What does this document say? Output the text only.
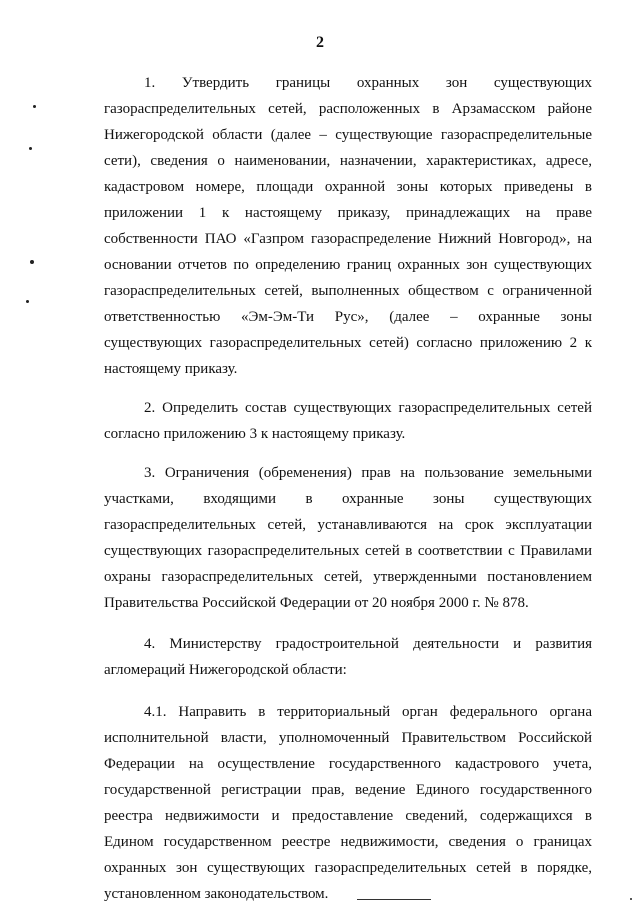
2

1. Утвердить границы охранных зон существующих газораспределительных сетей, расположенных в Арзамасском районе Нижегородской области (далее – существующие газораспределительные сети), сведения о наименовании, назначении, характеристиках, адресе, кадастровом номере, площади охранной зоны которых приведены в приложении 1 к настоящему приказу, принадлежащих на праве собственности ПАО «Газпром газораспределение Нижний Новгород», на основании отчетов по определению границ охранных зон существующих газораспределительных сетей, выполненных обществом с ограниченной ответственностью «Эм-Эм-Ти Рус», (далее – охранные зоны существующих газораспределительных сетей) согласно приложению 2 к настоящему приказу.

2. Определить состав существующих газораспределительных сетей согласно приложению 3 к настоящему приказу.

3. Ограничения (обременения) прав на пользование земельными участками, входящими в охранные зоны существующих газораспределительных сетей, устанавливаются на срок эксплуатации существующих газораспределительных сетей в соответствии с Правилами охраны газораспределительных сетей, утвержденными постановлением Правительства Российской Федерации от 20 ноября 2000 г. № 878.

4. Министерству градостроительной деятельности и развития агломераций Нижегородской области:

4.1. Направить в территориальный орган федерального органа исполнительной власти, уполномоченный Правительством Российской Федерации на осуществление государственного кадастрового учета, государственной регистрации прав, ведение Единого государственного реестра недвижимости и предоставление сведений, содержащихся в Едином государственном реестре недвижимости, сведения о границах охранных зон существующих газораспределительных сетей в порядке, установленном законодательством.
